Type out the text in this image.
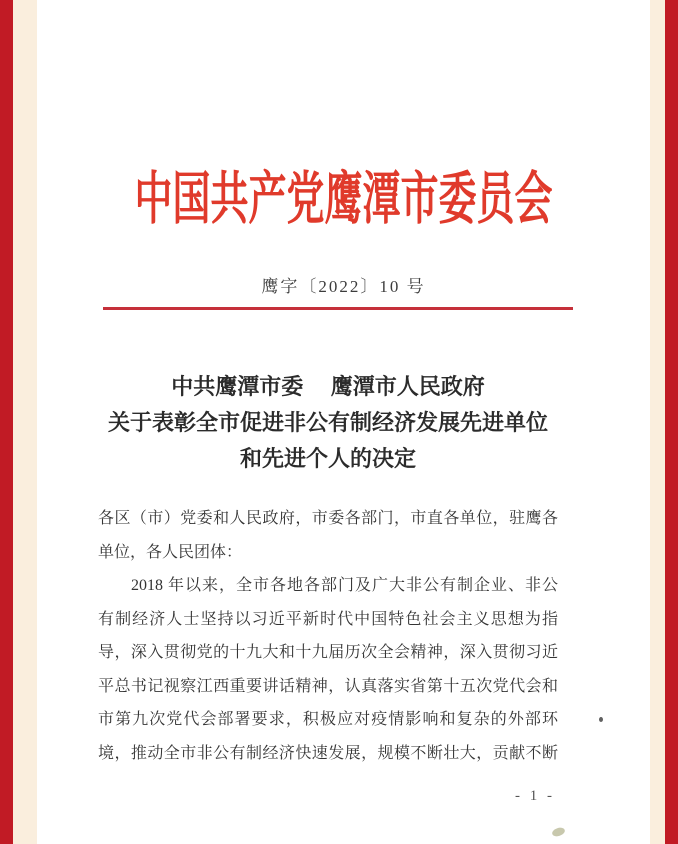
中国共产党鹰潭市委员会
鹰字〔2022〕10 号
中共鹰潭市委　 鹰潭市人民政府
关于表彰全市促进非公有制经济发展先进单位
和先进个人的决定
各区（市）党委和人民政府，市委各部门，市直各单位，驻鹰各
单位，各人民团体：
2018 年以来，全市各地各部门及广大非公有制企业、非公
有制经济人士坚持以习近平新时代中国特色社会主义思想为指
导，深入贯彻党的十九大和十九届历次全会精神，深入贯彻习近
平总书记视察江西重要讲话精神，认真落实省第十五次党代会和
市第九次党代会部署要求，积极应对疫情影响和复杂的外部环
境，推动全市非公有制经济快速发展，规模不断壮大，贡献不断
- 1 -
